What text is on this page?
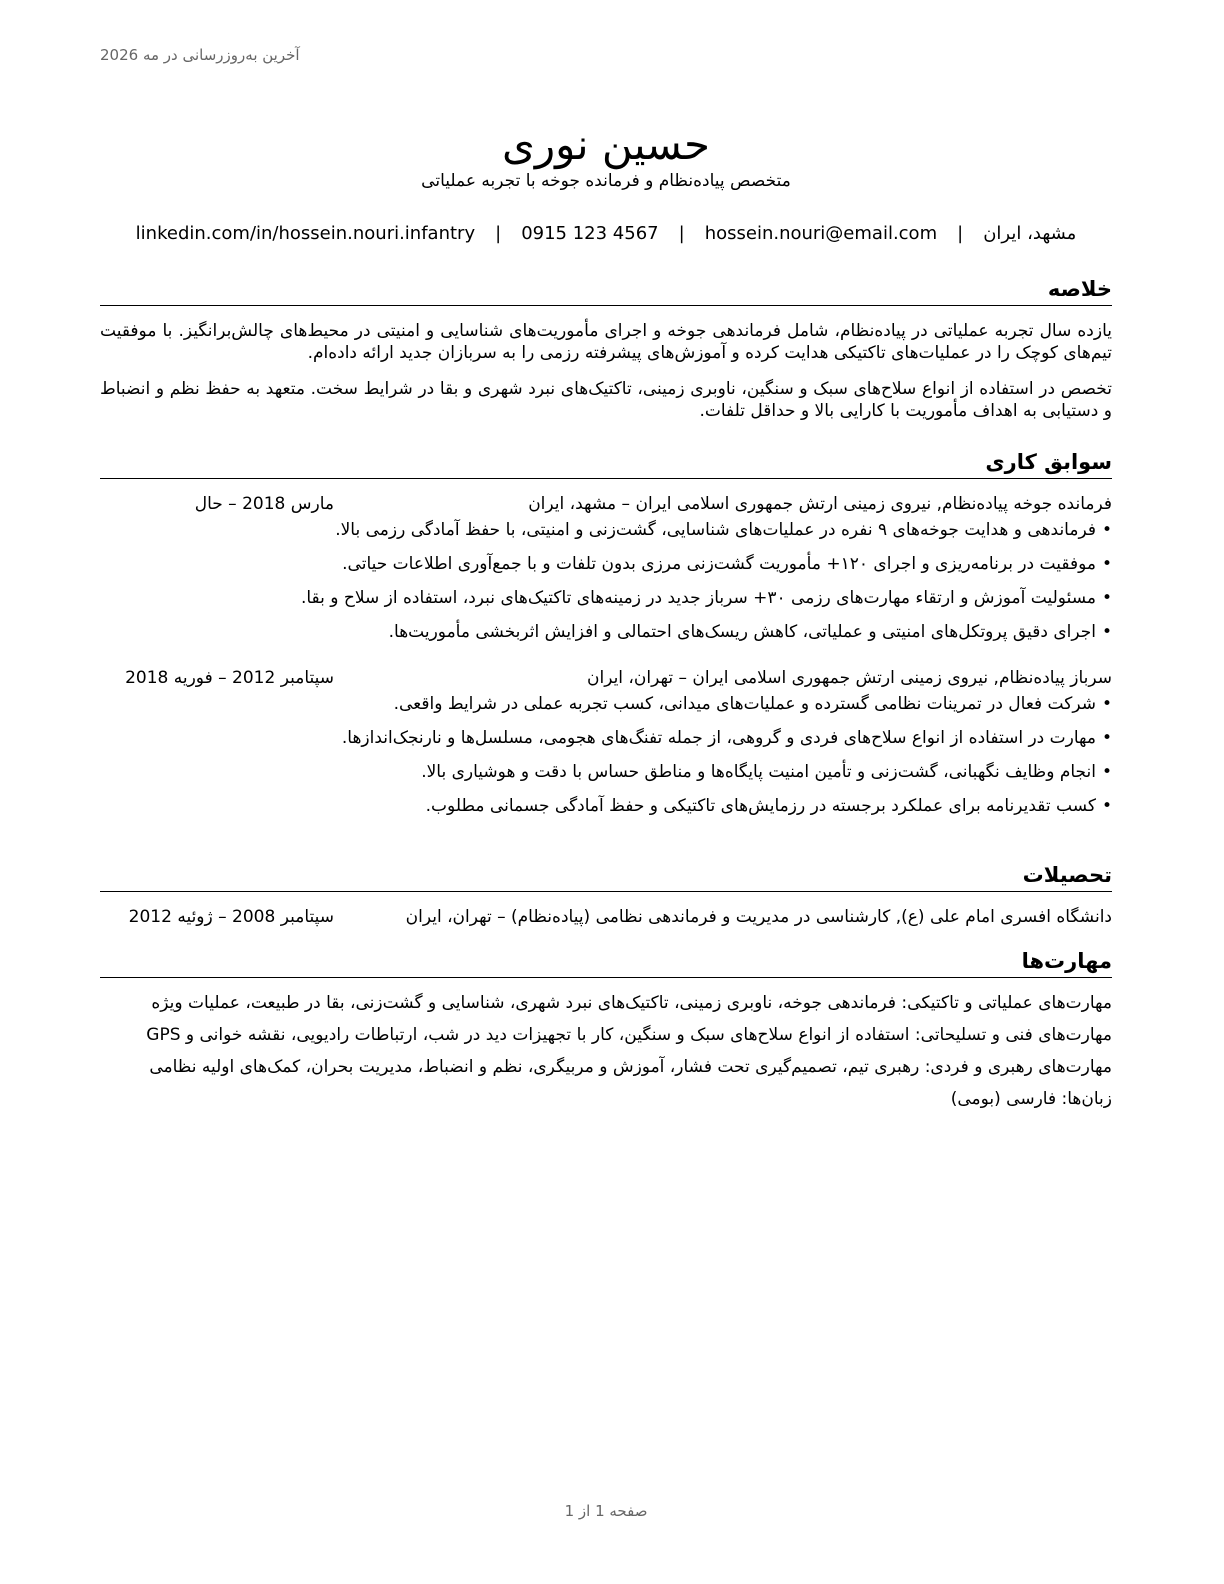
آخرین به‌روزرسانی در مه 2026
حسین نوری
متخصص پیاده‌نظام و فرمانده جوخه با تجربه عملیاتی
مشهد، ایران
|
hossein.nouri@email.com
|
0915 123 4567
|
linkedin.com/in/hossein.nouri.infantry
خلاصه

یازده سال تجربه عملیاتی در پیاده‌نظام، شامل فرماندهی جوخه و اجرای مأموریت‌های شناسایی و امنیتی در محیط‌های چالش‌برانگیز. با موفقیت تیم‌های کوچک را در عملیات‌های تاکتیکی هدایت کرده و آموزش‌های پیشرفته رزمی را به سربازان جدید ارائه داده‌ام.

تخصص در استفاده از انواع سلاح‌های سبک و سنگین، ناوبری زمینی، تاکتیک‌های نبرد شهری و بقا در شرایط سخت. متعهد به حفظ نظم و انضباط و دستیابی به اهداف مأموریت با کارایی بالا و حداقل تلفات.

سوابق کاری
فرمانده جوخه پیاده‌نظام, نیروی زمینی ارتش جمهوری اسلامی ایران – مشهد، ایران
مارس 2018 – حال
• فرماندهی و هدایت جوخه‌های ۹ نفره در عملیات‌های شناسایی، گشت‌زنی و امنیتی، با حفظ آمادگی رزمی بالا.
• موفقیت در برنامه‌ریزی و اجرای ۱۲۰+ مأموریت گشت‌زنی مرزی بدون تلفات و با جمع‌آوری اطلاعات حیاتی.
• مسئولیت آموزش و ارتقاء مهارت‌های رزمی ۳۰+ سرباز جدید در زمینه‌های تاکتیک‌های نبرد، استفاده از سلاح و بقا.
• اجرای دقیق پروتکل‌های امنیتی و عملیاتی، کاهش ریسک‌های احتمالی و افزایش اثربخشی مأموریت‌ها.
سرباز پیاده‌نظام, نیروی زمینی ارتش جمهوری اسلامی ایران – تهران، ایران
سپتامبر 2012 – فوریه 2018
• شرکت فعال در تمرینات نظامی گسترده و عملیات‌های میدانی، کسب تجربه عملی در شرایط واقعی.
• مهارت در استفاده از انواع سلاح‌های فردی و گروهی، از جمله تفنگ‌های هجومی، مسلسل‌ها و نارنجک‌اندازها.
• انجام وظایف نگهبانی، گشت‌زنی و تأمین امنیت پایگاه‌ها و مناطق حساس با دقت و هوشیاری بالا.
• کسب تقدیرنامه برای عملکرد برجسته در رزمایش‌های تاکتیکی و حفظ آمادگی جسمانی مطلوب.
تحصیلات
دانشگاه افسری امام علی (ع), کارشناسی در مدیریت و فرماندهی نظامی (پیاده‌نظام) – تهران، ایران
سپتامبر 2008 – ژوئیه 2012
مهارت‌ها
مهارت‌های عملیاتی و تاکتیکی: فرماندهی جوخه، ناوبری زمینی، تاکتیک‌های نبرد شهری، شناسایی و گشت‌زنی، بقا در طبیعت، عملیات ویژه
مهارت‌های فنی و تسلیحاتی: استفاده از انواع سلاح‌های سبک و سنگین، کار با تجهیزات دید در شب، ارتباطات رادیویی، نقشه خوانی و GPS
مهارت‌های رهبری و فردی: رهبری تیم، تصمیم‌گیری تحت فشار، آموزش و مربیگری، نظم و انضباط، مدیریت بحران، کمک‌های اولیه نظامی
زبان‌ها: فارسی (بومی)
صفحه 1 از 1
